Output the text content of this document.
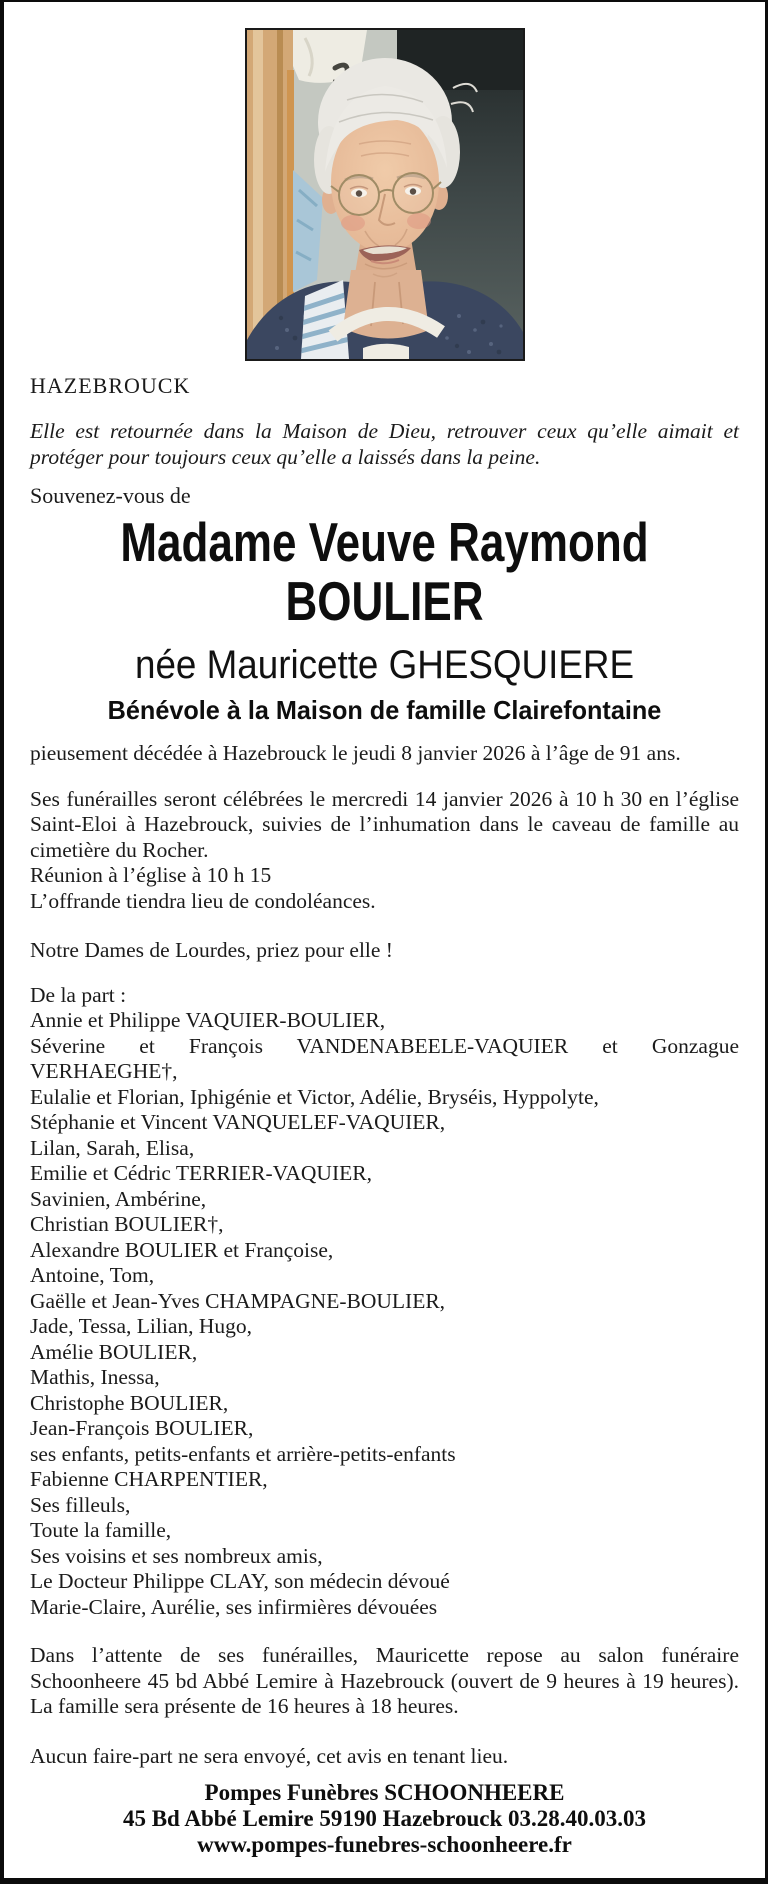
HAZEBROUCK
Elle est retournée dans la Maison de Dieu, retrouver ceux qu’elle aimait et protéger pour toujours ceux qu’elle a laissés dans la peine.
Souvenez-vous de
Madame Veuve Raymond
BOULIER
née Mauricette GHESQUIERE
Bénévole à la Maison de famille Clairefontaine
pieusement décédée à Hazebrouck le jeudi 8 janvier 2026 à l’âge de 91 ans.
Ses funérailles seront célébrées le mercredi 14 janvier 2026 à 10 h 30 en l’église Saint-Eloi à Hazebrouck, suivies de l’inhumation dans le caveau de famille au cimetière du Rocher.
Réunion à l’église à 10 h 15
L’offrande tiendra lieu de condoléances.
Notre Dames de Lourdes, priez pour elle !
De la part :
Annie et Philippe VAQUIER-BOULIER,
Séverine et François VANDENABEELE-VAQUIER et Gonzague VERHAEGHE†,
Eulalie et Florian, Iphigénie et Victor, Adélie, Bryséis, Hyppolyte,
Stéphanie et Vincent VANQUELEF-VAQUIER,
Lilan, Sarah, Elisa,
Emilie et Cédric TERRIER-VAQUIER,
Savinien, Ambérine,
Christian BOULIER†,
Alexandre BOULIER et Françoise,
Antoine, Tom,
Gaëlle et Jean-Yves CHAMPAGNE-BOULIER,
Jade, Tessa, Lilian, Hugo,
Amélie BOULIER,
Mathis, Inessa,
Christophe BOULIER,
Jean-François BOULIER,
ses enfants, petits-enfants et arrière-petits-enfants
Fabienne CHARPENTIER,
Ses filleuls,
Toute la famille,
Ses voisins et ses nombreux amis,
Le Docteur Philippe CLAY, son médecin dévoué
Marie-Claire, Aurélie, ses infirmières dévouées
Dans l’attente de ses funérailles, Mauricette repose au salon funéraire Schoonheere 45 bd Abbé Lemire à Hazebrouck (ouvert de 9 heures à 19 heures). La famille sera présente de 16 heures à 18 heures.
Aucun faire-part ne sera envoyé, cet avis en tenant lieu.
Pompes Funèbres SCHOONHEERE
45 Bd Abbé Lemire 59190 Hazebrouck 03.28.40.03.03
www.pompes-funebres-schoonheere.fr
